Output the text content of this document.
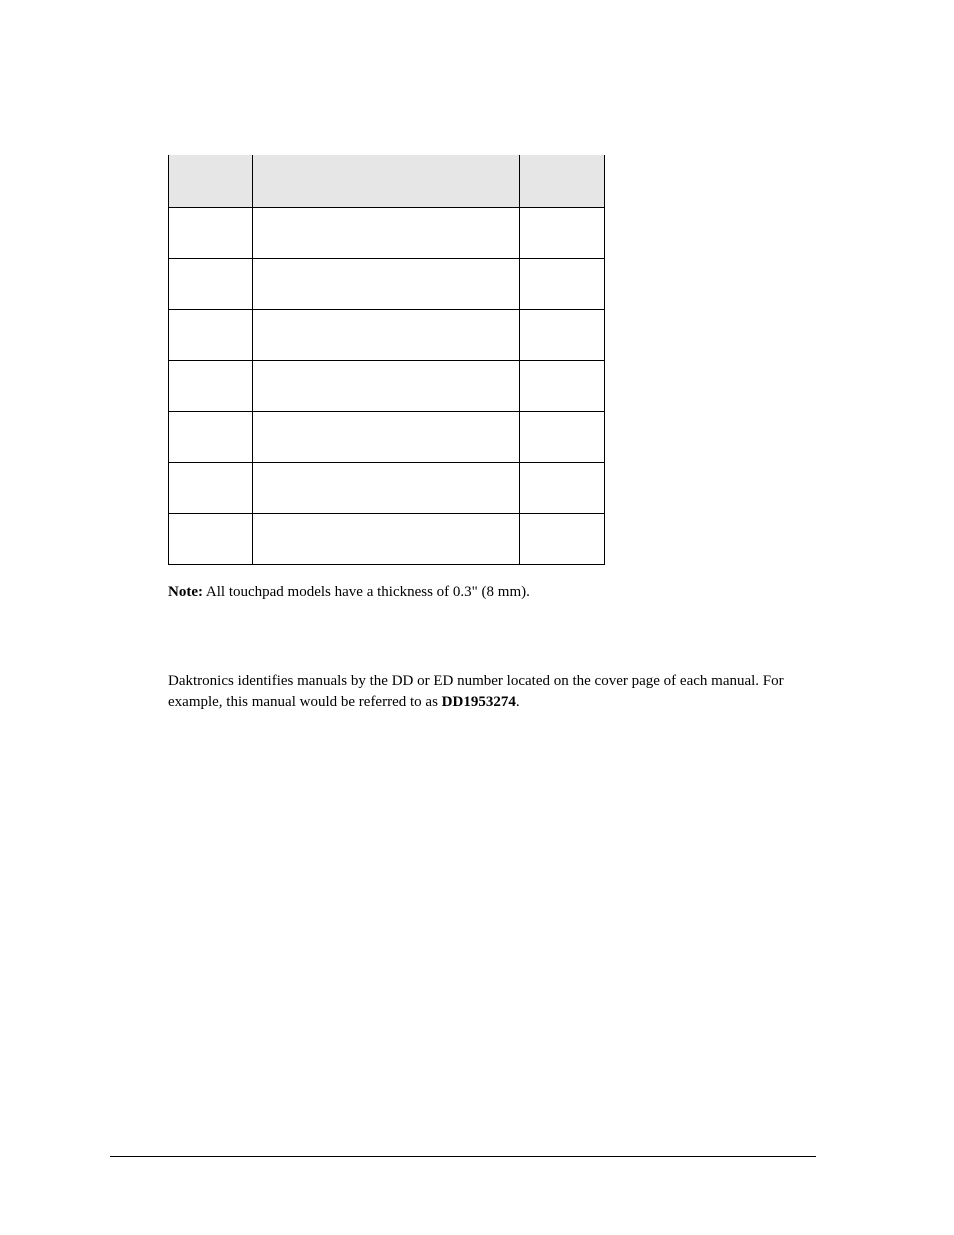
Note: All touchpad models have a thickness of 0.3" (8 mm).

Daktronics identifies manuals by the DD or ED number located on the cover page of each manual. For example, this manual would be referred to as DD1953274.
